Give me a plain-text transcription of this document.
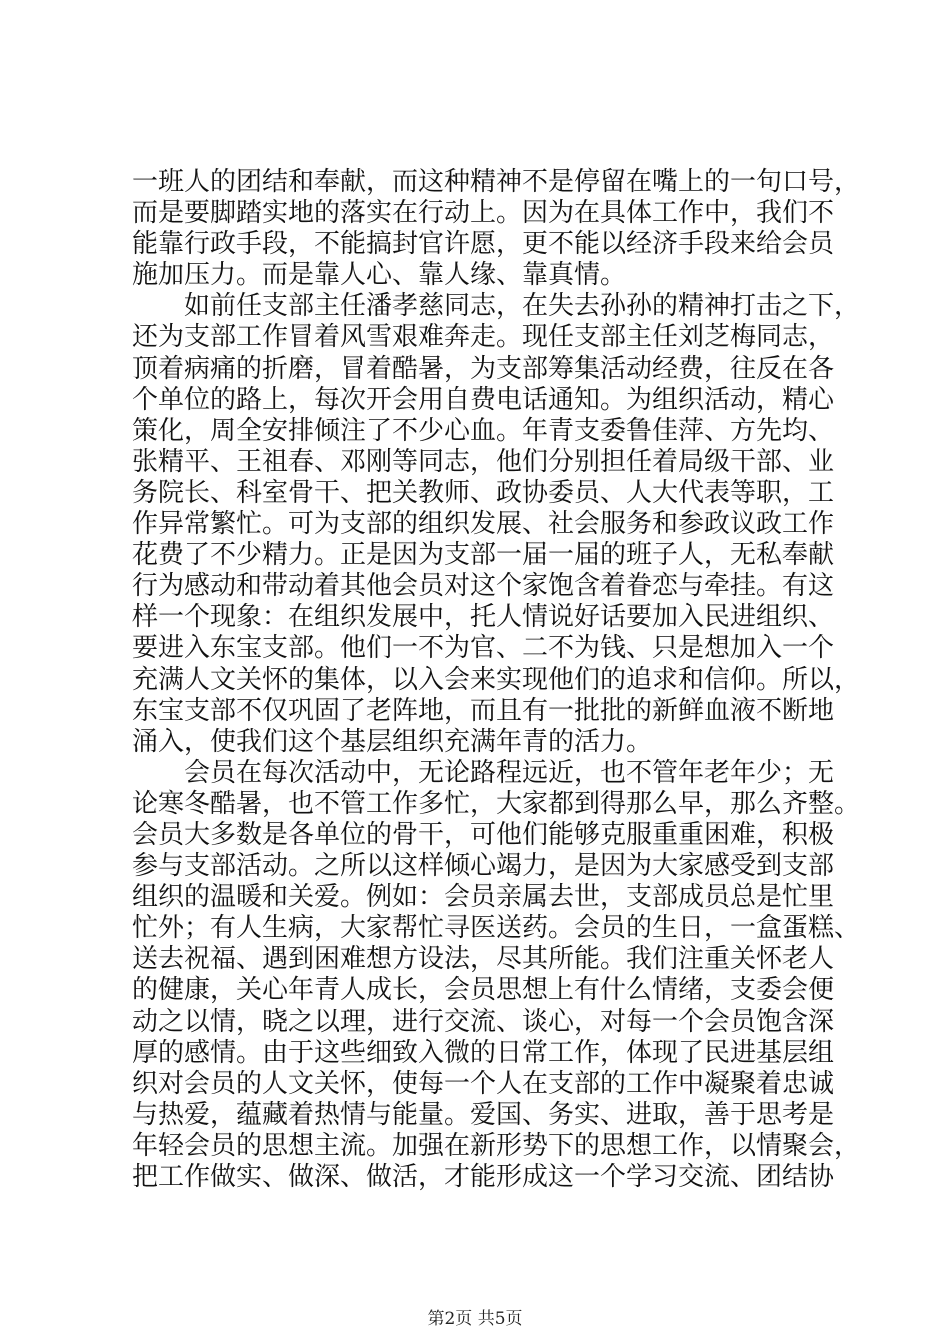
一班人的团结和奉献，而这种精神不是停留在嘴上的一句口号，
而是要脚踏实地的落实在行动上。因为在具体工作中，我们不
能靠行政手段，不能搞封官许愿，更不能以经济手段来给会员
施加压力。而是靠人心、靠人缘、靠真情。
如前任支部主任潘孝慈同志，在失去孙孙的精神打击之下，
还为支部工作冒着风雪艰难奔走。现任支部主任刘芝梅同志，
顶着病痛的折磨，冒着酷暑，为支部筹集活动经费，往反在各
个单位的路上，每次开会用自费电话通知。为组织活动，精心
策化，周全安排倾注了不少心血。年青支委鲁佳萍、方先均、
张精平、王祖春、邓刚等同志，他们分别担任着局级干部、业
务院长、科室骨干、把关教师、政协委员、人大代表等职，工
作异常繁忙。可为支部的组织发展、社会服务和参政议政工作
花费了不少精力。正是因为支部一届一届的班子人，无私奉献
行为感动和带动着其他会员对这个家饱含着眷恋与牵挂。有这
样一个现象：在组织发展中，托人情说好话要加入民进组织、
要进入东宝支部。他们一不为官、二不为钱、只是想加入一个
充满人文关怀的集体，以入会来实现他们的追求和信仰。所以，
东宝支部不仅巩固了老阵地，而且有一批批的新鲜血液不断地
涌入，使我们这个基层组织充满年青的活力。
会员在每次活动中，无论路程远近，也不管年老年少；无
论寒冬酷暑，也不管工作多忙，大家都到得那么早，那么齐整。
会员大多数是各单位的骨干，可他们能够克服重重困难，积极
参与支部活动。之所以这样倾心竭力，是因为大家感受到支部
组织的温暖和关爱。例如：会员亲属去世，支部成员总是忙里
忙外；有人生病，大家帮忙寻医送药。会员的生日，一盒蛋糕、
送去祝福、遇到困难想方设法，尽其所能。我们注重关怀老人
的健康，关心年青人成长，会员思想上有什么情绪，支委会便
动之以情，晓之以理，进行交流、谈心，对每一个会员饱含深
厚的感情。由于这些细致入微的日常工作，体现了民进基层组
织对会员的人文关怀，使每一个人在支部的工作中凝聚着忠诚
与热爱，蕴藏着热情与能量。爱国、务实、进取，善于思考是
年轻会员的思想主流。加强在新形势下的思想工作，以情聚会，
把工作做实、做深、做活，才能形成这一个学习交流、团结协
第2页 共5页
